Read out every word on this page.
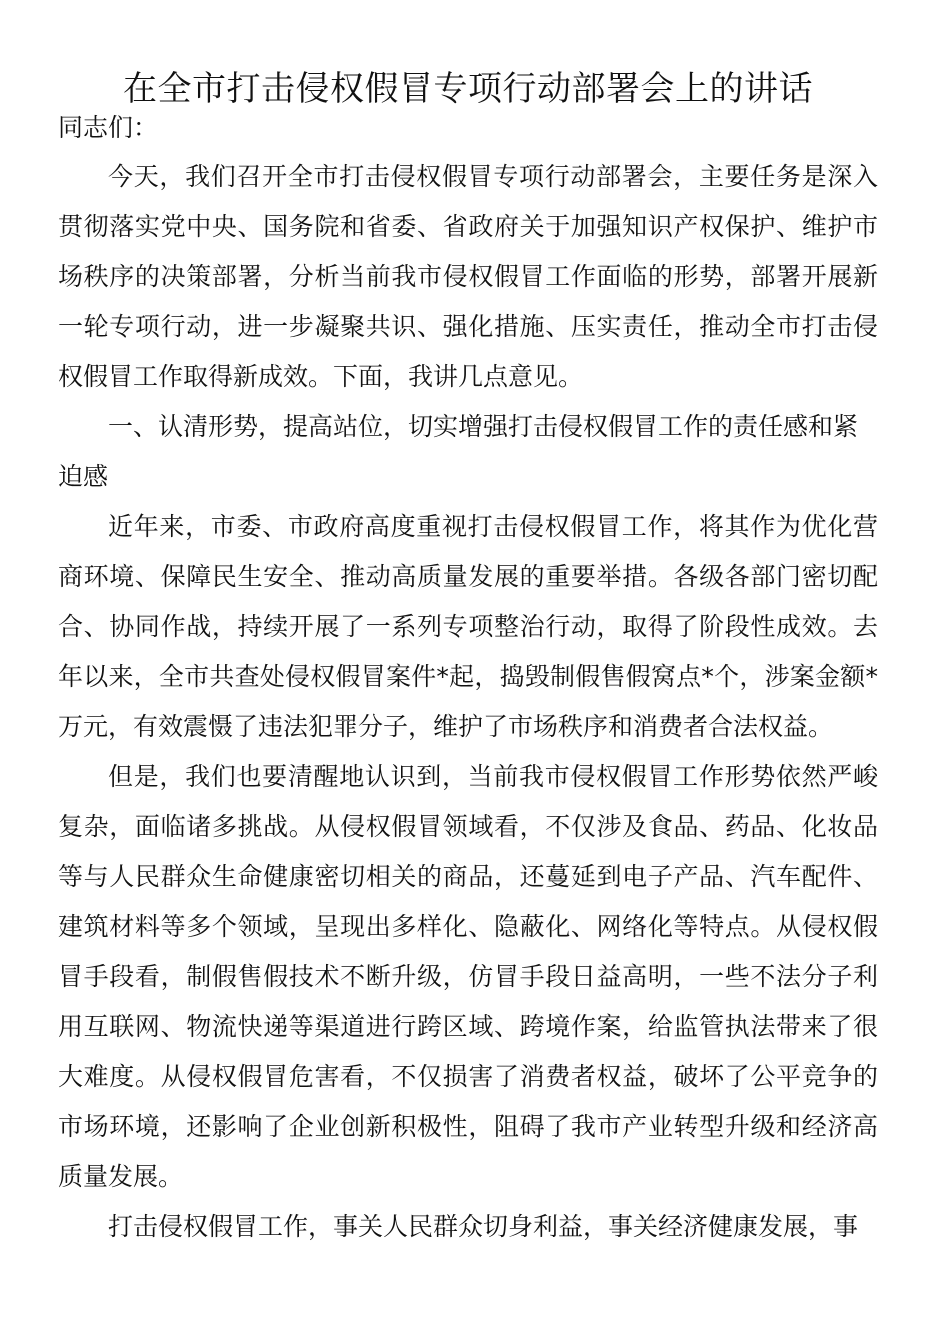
在全市打击侵权假冒专项行动部署会上的讲话

同志们：

今天，我们召开全市打击侵权假冒专项行动部署会，主要任务是深入贯彻落实党中央、国务院和省委、省政府关于加强知识产权保护、维护市场秩序的决策部署，分析当前我市侵权假冒工作面临的形势，部署开展新一轮专项行动，进一步凝聚共识、强化措施、压实责任，推动全市打击侵权假冒工作取得新成效。下面，我讲几点意见。

一、认清形势，提高站位，切实增强打击侵权假冒工作的责任感和紧迫感

近年来，市委、市政府高度重视打击侵权假冒工作，将其作为优化营商环境、保障民生安全、推动高质量发展的重要举措。各级各部门密切配合、协同作战，持续开展了一系列专项整治行动，取得了阶段性成效。去年以来，全市共查处侵权假冒案件*起，捣毁制假售假窝点*个，涉案金额*万元，有效震慑了违法犯罪分子，维护了市场秩序和消费者合法权益。

但是，我们也要清醒地认识到，当前我市侵权假冒工作形势依然严峻复杂，面临诸多挑战。从侵权假冒领域看，不仅涉及食品、药品、化妆品等与人民群众生命健康密切相关的商品，还蔓延到电子产品、汽车配件、建筑材料等多个领域，呈现出多样化、隐蔽化、网络化等特点。从侵权假冒手段看，制假售假技术不断升级，仿冒手段日益高明，一些不法分子利用互联网、物流快递等渠道进行跨区域、跨境作案，给监管执法带来了很大难度。从侵权假冒危害看，不仅损害了消费者权益，破坏了公平竞争的市场环境，还影响了企业创新积极性，阻碍了我市产业转型升级和经济高质量发展。

打击侵权假冒工作，事关人民群众切身利益，事关经济健康发展，事
